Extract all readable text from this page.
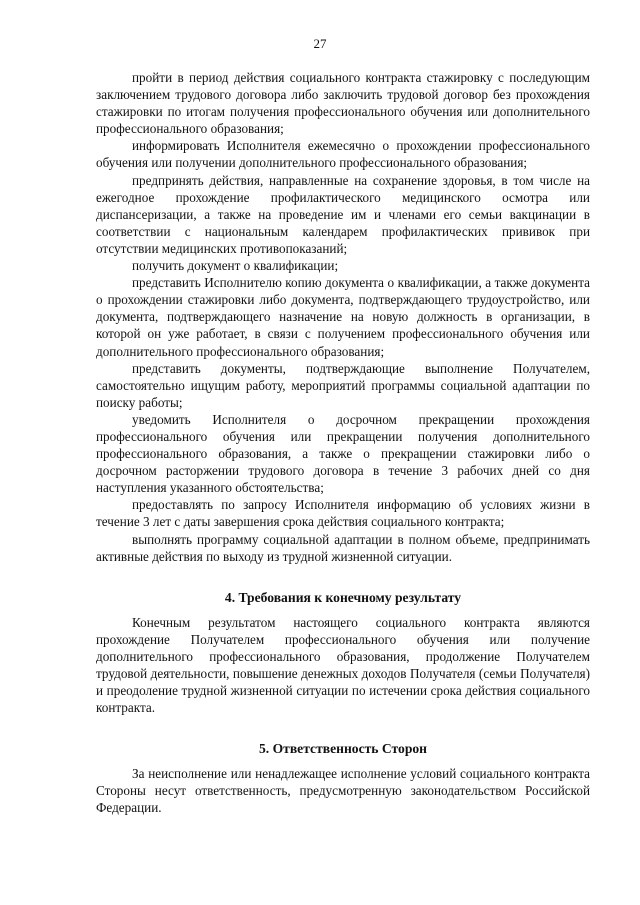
27

пройти в период действия социального контракта стажировку с последующим заключением трудового договора либо заключить трудовой договор без прохождения стажировки по итогам получения профессионального обучения или дополнительного профессионального образования;

информировать Исполнителя ежемесячно о прохождении профессионального обучения или получении дополнительного профессионального образования;

предпринять действия, направленные на сохранение здоровья, в том числе на ежегодное прохождение профилактического медицинского осмотра или диспансеризации, а также на проведение им и членами его семьи вакцинации в соответствии с национальным календарем профилактических прививок при отсутствии медицинских противопоказаний;

получить документ о квалификации;

представить Исполнителю копию документа о квалификации, а также документа о прохождении стажировки либо документа, подтверждающего трудоустройство, или документа, подтверждающего назначение на новую должность в организации, в которой он уже работает, в связи с получением профессионального обучения или дополнительного профессионального образования;

представить документы, подтверждающие выполнение Получателем, самостоятельно ищущим работу, мероприятий программы социальной адаптации по поиску работы;

уведомить Исполнителя о досрочном прекращении прохождения профессионального обучения или прекращении получения дополнительного профессионального образования, а также о прекращении стажировки либо о досрочном расторжении трудового договора в течение 3 рабочих дней со дня наступления указанного обстоятельства;

предоставлять по запросу Исполнителя информацию об условиях жизни в течение 3 лет с даты завершения срока действия социального контракта;

выполнять программу социальной адаптации в полном объеме, предпринимать активные действия по выходу из трудной жизненной ситуации.

4. Требования к конечному результату

Конечным результатом настоящего социального контракта являются прохождение Получателем профессионального обучения или получение дополнительного профессионального образования, продолжение Получателем трудовой деятельности, повышение денежных доходов Получателя (семьи Получателя) и преодоление трудной жизненной ситуации по истечении срока действия социального контракта.

5. Ответственность Сторон

За неисполнение или ненадлежащее исполнение условий социального контракта Стороны несут ответственность, предусмотренную законодательством Российской Федерации.
